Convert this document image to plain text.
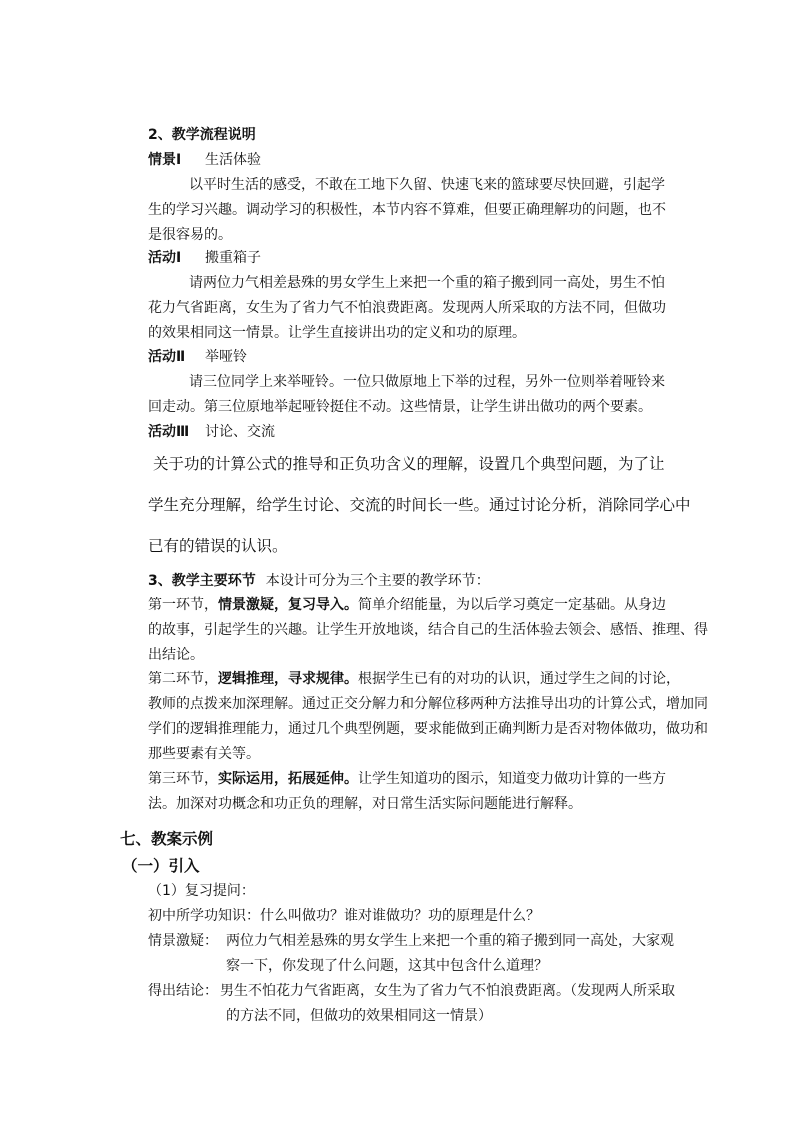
2、教学流程说明
情景Ⅰ 生活体验
以平时生活的感受，不敢在工地下久留、快速飞来的篮球要尽快回避，引起学
生的学习兴趣。调动学习的积极性，本节内容不算难，但要正确理解功的问题，也不
是很容易的。
活动Ⅰ 搬重箱子
请两位力气相差悬殊的男女学生上来把一个重的箱子搬到同一高处，男生不怕
花力气省距离，女生为了省力气不怕浪费距离。发现两人所采取的方法不同，但做功
的效果相同这一情景。让学生直接讲出功的定义和功的原理。
活动Ⅱ 举哑铃
请三位同学上来举哑铃。一位只做原地上下举的过程，另外一位则举着哑铃来
回走动。第三位原地举起哑铃挺住不动。这些情景，让学生讲出做功的两个要素。
活动Ⅲ 讨论、交流
关于功的计算公式的推导和正负功含义的理解，设置几个典型问题，为了让
学生充分理解，给学生讨论、交流的时间长一些。通过讨论分析，消除同学心中
已有的错误的认识。
3、教学主要环节 本设计可分为三个主要的教学环节：
第一环节，情景激疑，复习导入。简单介绍能量，为以后学习奠定一定基础。从身边
的故事，引起学生的兴趣。让学生开放地谈，结合自己的生活体验去领会、感悟、推理、得
出结论。
第二环节，逻辑推理，寻求规律。根据学生已有的对功的认识，通过学生之间的讨论，
教师的点拨来加深理解。通过正交分解力和分解位移两种方法推导出功的计算公式，增加同
学们的逻辑推理能力，通过几个典型例题，要求能做到正确判断力是否对物体做功，做功和
那些要素有关等。
第三环节，实际运用，拓展延伸。让学生知道功的图示，知道变力做功计算的一些方
法。加深对功概念和功正负的理解，对日常生活实际问题能进行解释。
七、教案示例
（一）引入
（1）复习提问：
初中所学功知识：什么叫做功？谁对谁做功？功的原理是什么？
情景激疑： 两位力气相差悬殊的男女学生上来把一个重的箱子搬到同一高处，大家观
察一下，你发现了什么问题，这其中包含什么道理？
得出结论： 男生不怕花力气省距离，女生为了省力气不怕浪费距离。（发现两人所采取
的方法不同，但做功的效果相同这一情景）
